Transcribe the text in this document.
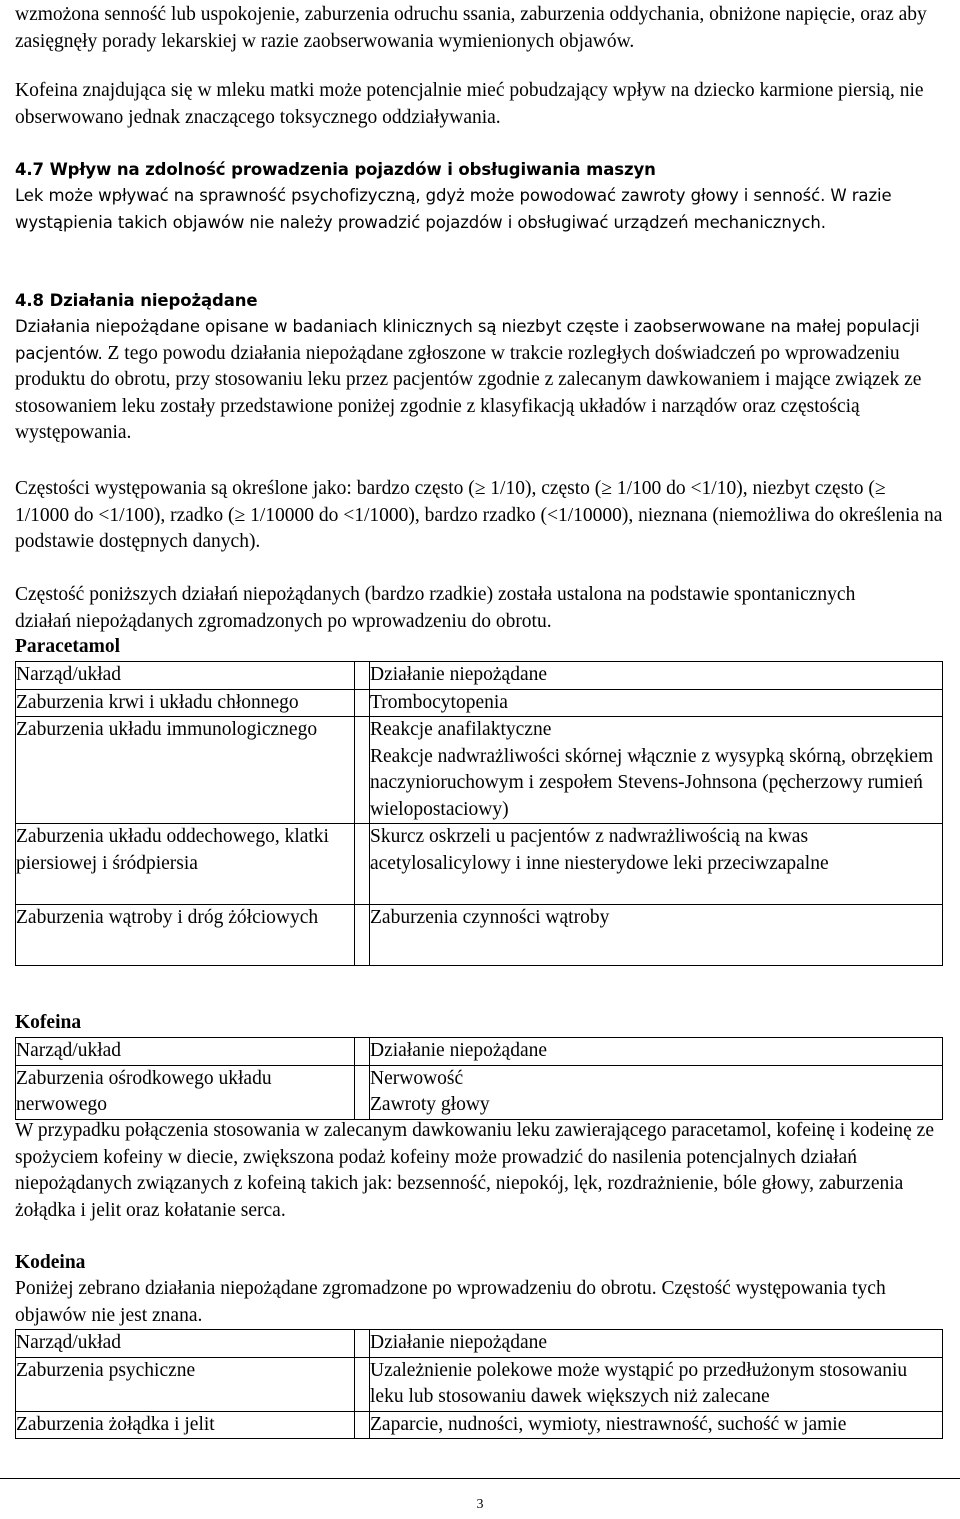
wzmożona senność lub uspokojenie, zaburzenia odruchu ssania, zaburzenia oddychania, obniżone napięcie, oraz aby zasięgnęły porady lekarskiej w razie zaobserwowania wymienionych objawów.

Kofeina znajdująca się w mleku matki może potencjalnie mieć pobudzający wpływ na dziecko karmione piersią, nie obserwowano jednak znaczącego toksycznego oddziaływania.

4.7 Wpływ na zdolność prowadzenia pojazdów i obsługiwania maszyn

Lek może wpływać na sprawność psychofizyczną, gdyż może powodować zawroty głowy i senność. W razie wystąpienia takich objawów nie należy prowadzić pojazdów i obsługiwać urządzeń mechanicznych.

4.8 Działania niepożądane

Działania niepożądane opisane w badaniach klinicznych są niezbyt częste i zaobserwowane na małej populacji pacjentów. Z tego powodu działania niepożądane zgłoszone w trakcie rozległych doświadczeń po wprowadzeniu produktu do obrotu, przy stosowaniu leku przez pacjentów zgodnie z zalecanym dawkowaniem i mające związek ze stosowaniem leku zostały przedstawione poniżej zgodnie z klasyfikacją układów i narządów oraz częstością występowania.

Częstości występowania są określone jako: bardzo często (≥ 1/10), często (≥ 1/100 do <1/10), niezbyt często (≥ 1/1000 do <1/100), rzadko (≥ 1/10000 do <1/1000), bardzo rzadko (<1/10000), nieznana (niemożliwa do określenia na podstawie dostępnych danych).

Częstość poniższych działań niepożądanych (bardzo rzadkie) została ustalona na podstawie spontanicznych działań niepożądanych zgromadzonych po wprowadzeniu do obrotu.

Paracetamol

Narząd/układ		Działanie niepożądane
Zaburzenia krwi i układu chłonnego		Trombocytopenia
Zaburzenia układu immunologicznego		Reakcje anafilaktyczne
Reakcje nadwrażliwości skórnej włącznie z wysypką skórną, obrzękiem naczynioruchowym i zespołem Stevens-Johnsona (pęcherzowy rumień wielopostaciowy)
Zaburzenia układu oddechowego, klatki piersiowej i śródpiersia		Skurcz oskrzeli u pacjentów z nadwrażliwością na kwas acetylosalicylowy i inne niesterydowe leki przeciwzapalne
Zaburzenia wątroby i dróg żółciowych		Zaburzenia czynności wątroby

Kofeina

Narząd/układ		Działanie niepożądane
Zaburzenia ośrodkowego układu nerwowego		Nerwowość
Zawroty głowy

W przypadku połączenia stosowania w zalecanym dawkowaniu leku zawierającego paracetamol, kofeinę i kodeinę ze spożyciem kofeiny w diecie, zwiększona podaż kofeiny może prowadzić do nasilenia potencjalnych działań niepożądanych związanych z kofeiną takich jak: bezsenność, niepokój, lęk, rozdrażnienie, bóle głowy, zaburzenia żołądka i jelit oraz kołatanie serca.

Kodeina

Poniżej zebrano działania niepożądane zgromadzone po wprowadzeniu do obrotu. Częstość występowania tych objawów nie jest znana.

Narząd/układ		Działanie niepożądane
Zaburzenia psychiczne		Uzależnienie polekowe może wystąpić po przedłużonym stosowaniu leku lub stosowaniu dawek większych niż zalecane
Zaburzenia żołądka i jelit		Zaparcie, nudności, wymioty, niestrawność, suchość w jamie
3
